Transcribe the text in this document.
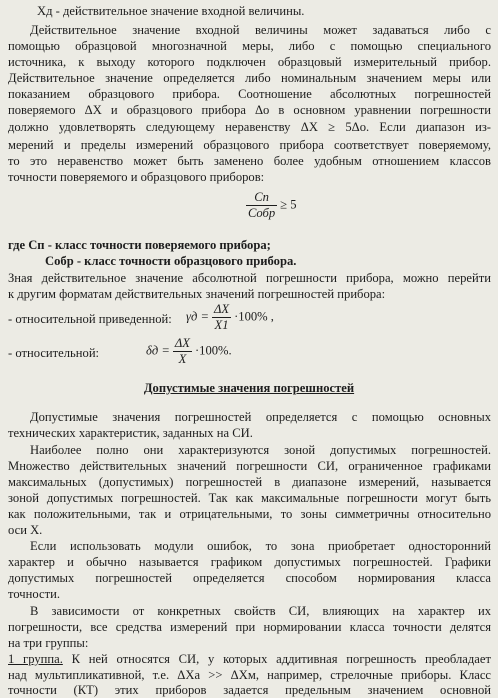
Xд - действительное значение входной величины.
Действительное значение входной величины может задаваться либо с
помощью образцовой многозначной меры, либо с помощью специального
источника, к выходу которого подключен образцовый измерительный прибор.
Действительное значение определяется либо номинальным значением меры или
показанием образцового прибора. Соотношение абсолютных погрешностей
поверяемого ΔX и образцового прибора Δо в основном уравнении погрешности
должно удовлетворять следующему неравенству ΔX ≥ 5Δо. Если диапазон из-
мерений и пределы измерений образцового прибора соответствует поверяемому,
то это неравенство может быть заменено более удобным отношением классов
точности поверяемого и образцового приборов:
$\frac{Cп}{\text{Cобр}} \ge 5$
где Cп - класс точности поверяемого прибора;
Cобр - класс точности образцового прибора.
Зная действительное значение абсолютной погрешности прибора, можно перейти
к другим форматам действительных значений погрешностей прибора:
- относительной приведенной:	$\gamma д = \frac{\Delta X}{X1} \cdot 100\%$ ,
- относительной:	$\delta д = \frac{\Delta X}{X} \cdot 100\%$.
Допустимые значения погрешностей
Допустимые значения погрешностей определяется с помощью основных
технических характеристик, заданных на СИ.
Наиболее полно они характеризуются зоной допустимых погрешностей.
Множество действительных значений погрешности СИ, ограниченное графиками
максимальных (допустимых) погрешностей в диапазоне измерений, называется
зоной допустимых погрешностей. Так как максимальные погрешности могут быть
как положительными, так и отрицательными, то зоны симметричны относительно
оси X.
Если использовать модули ошибок, то зона приобретает односторонний
характер и обычно называется графиком допустимых погрешностей. Графики
допустимых погрешностей определяется способом нормирования класса
точности.
В зависимости от конкретных свойств СИ, влияющих на характер их
погрешности, все средства измерений при нормировании класса точности делятся
на три группы:
1 группа. К ней относятся СИ, у которых аддитивная погрешность преобладает
над мультипликативной, т.е. ΔXа >> ΔXм, например, стрелочные приборы. Класс
точности (КТ) этих приборов задается предельным значением основной
